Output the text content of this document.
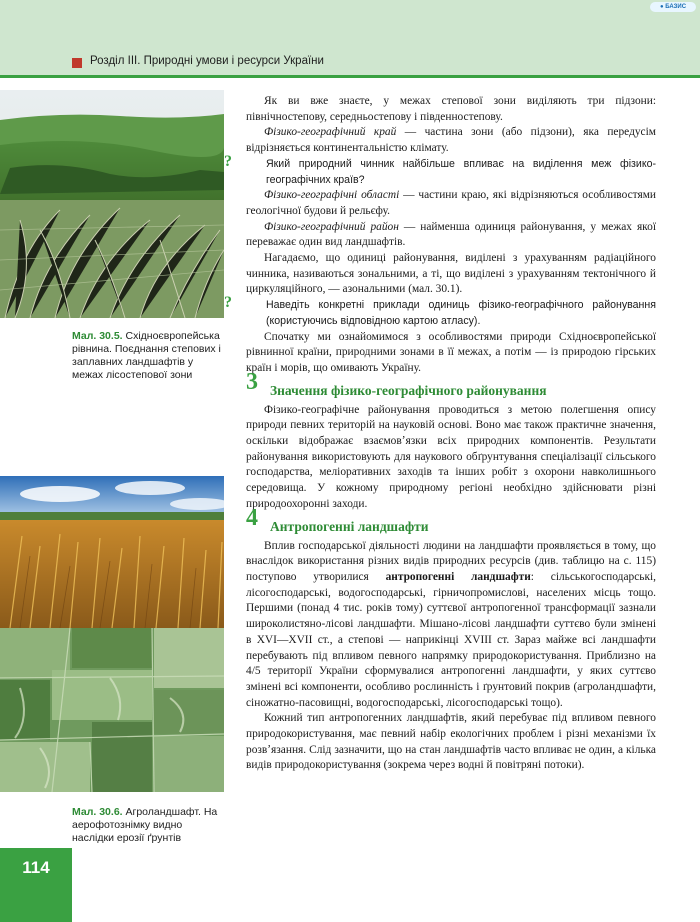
● БАЗИС
Розділ III. Природні умови і ресурси України
Мал. 30.5. Східноєвропейська рівнина. Поєднання степових і заплавних ландшафтів у межах лісостепової зони
Мал. 30.6. Агроландшафт. На аерофотознімку видно наслідки ерозії ґрунтів
114

Як ви вже знаєте, у межах степової зони виділяють три підзони: північностепову, середньостепову і південностепову.

Фізико-географічний край — частина зони (або підзони), яка передусім відрізняється континентальністю клімату.

?	Який природний чинник найбільше впливає на виділення меж фізико-географічних країв?

Фізико-географічні області — частини краю, які відрізняються особливостями геологічної будови й рельєфу.

Фізико-географічний район — найменша одиниця районування, у межах якої переважає один вид ландшафтів.

Нагадаємо, що одиниці районування, виділені з урахуванням радіаційного чинника, називаються зональними, а ті, що виділені з урахуванням тектонічного й циркуляційного, — азональними (мал. 30.1).

?	Наведіть конкретні приклади одиниць фізико-географічного районування (користуючись відповідною картою атласу).

Спочатку ми ознайомимося з особливостями природи Східноєвропейської рівнинної країни, природними зонами в її межах, а потім — із природою гірських країн і морів, що омивають Україну.

3 Значення фізико-географічного районування

Фізико-географічне районування проводиться з метою полегшення опису природи певних територій на науковій основі. Воно має також практичне значення, оскільки відображає взаємовʼязки всіх природних компонентів. Результати районування використовують для наукового обґрунтування спеціалізації сільського господарства, меліоративних заходів та інших робіт з охорони навколишнього середовища. У кожному природному регіоні необхідно здійснювати різні природоохоронні заходи.

4 Антропогенні ландшафти

Вплив господарської діяльності людини на ландшафти проявляється в тому, що внаслідок використання різних видів природних ресурсів (див. таблицю на с. 115) поступово утворилися антропогенні ландшафти: сільськогосподарські, лісогосподарські, водогосподарські, гірничопромислові, населених місць тощо. Першими (понад 4 тис. років тому) суттєвої антропогенної трансформації зазнали широколистяно-лісові ландшафти. Мішано-лісові ландшафти суттєво були змінені в XVI—XVII ст., а степові — наприкінці XVIII ст. Зараз майже всі ландшафти перебувають під впливом певного напрямку природокористування. Приблизно на 4/5 території України сформувалися антропогенні ландшафти, у яких суттєво змінені всі компоненти, особливо рослинність і ґрунтовий покрив (агроландшафти, сіножатно-пасовищні, водогосподарські, лісогосподарські тощо).

Кожний тип антропогенних ландшафтів, який перебуває під впливом певного природокористування, має певний набір екологічних проблем і різні механізми їх розвʼязання. Слід зазначити, що на стан ландшафтів часто впливає не один, а кілька видів природокористування (зокрема через водні й повітряні потоки).
